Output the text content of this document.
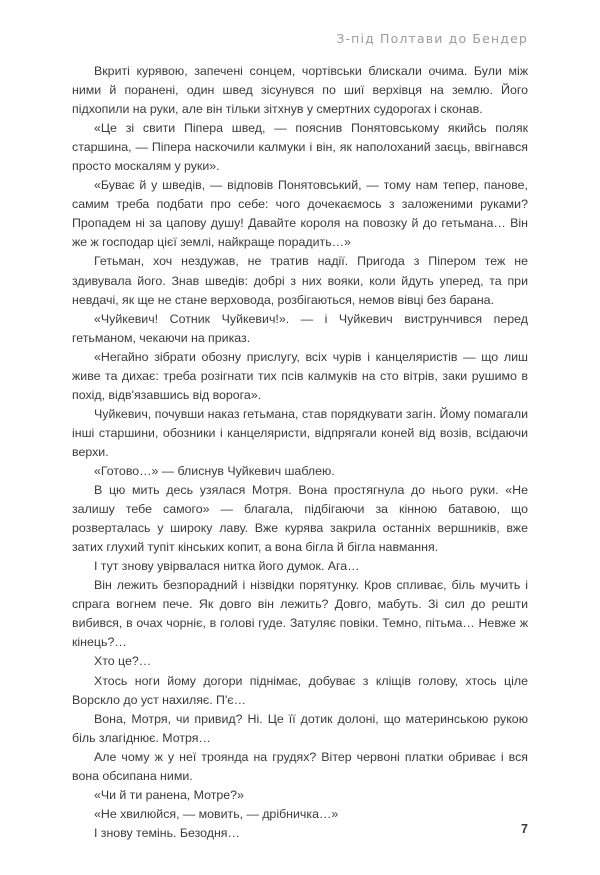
З-під Полтави до Бендер

Вкриті курявою, запечені сонцем, чортівськи блискали очима. Були між ними й поранені, один швед зісунувся по шиї верхівця на землю. Його підхопили на руки, але він тільки зітхнув у смертних судорогах і сконав.

«Це зі свити Піпера швед, — пояснив Понятовському якийсь поляк старшина, — Піпера наскочили калмуки і він, як наполоханий заєць, ввігнався просто москалям у руки».

«Буває й у шведів, — відповів Понятовський, — тому нам тепер, панове, самим треба подбати про себе: чого дочекаємось з заложеними руками? Пропадем ні за цапову душу! Давайте короля на повозку й до гетьмана… Він же ж господар цієї землі, найкраще порадить…»

Гетьман, хоч нездужав, не тратив надії. Пригода з Піпером теж не здивувала його. Знав шведів: добрі з них вояки, коли йдуть уперед, та при невдачі, як ще не стане верховода, розбігаються, немов вівці без барана.

«Чуйкевич! Сотник Чуйкевич!». — і Чуйкевич виструнчився перед гетьманом, чекаючи на приказ.

«Негайно зібрати обозну прислугу, всіх чурів і канцеляристів — що лиш живе та дихає: треба розігнати тих псів калмуків на сто вітрів, заки рушимо в похід, відв'язавшись від ворога».

Чуйкевич, почувши наказ гетьмана, став порядкувати загін. Йому помагали інші старшини, обозники і канцеляристи, відпрягали коней від возів, всідаючи верхи.

«Готово…» — блиснув Чуйкевич шаблею.

В цю мить десь узялася Мотря. Вона простягнула до нього руки. «Не залишу тебе самого» — благала, підбігаючи за кінною батавою, що розверталась у широку лаву. Вже курява закрила останніх вершників, вже затих глухий тупіт кінських копит, а вона бігла й бігла навмання.

І тут знову увірвалася нитка його думок. Ага…

Він лежить безпорадний і нізвідки порятунку. Кров спливає, біль мучить і спрага вогнем пече. Як довго він лежить? Довго, мабуть. Зі сил до решти вибився, в очах чорніє, в голові гуде. Затуляє повіки. Темно, пітьма… Невже ж кінець?…

Хто це?…

Хтось ноги йому догори піднімає, добуває з кліщів голову, хтось ціле Ворскло до уст нахиляє. П'є…

Вона, Мотря, чи привид? Ні. Це її дотик долоні, що материнською рукою біль злагіднює. Мотря…

Але чому ж у неї троянда на грудях? Вітер червоні платки обриває і вся вона обсипана ними.

«Чи й ти ранена, Мотре?»

«Не хвилюйся, — мовить, — дрібничка…»

І знову темінь. Безодня…	7
